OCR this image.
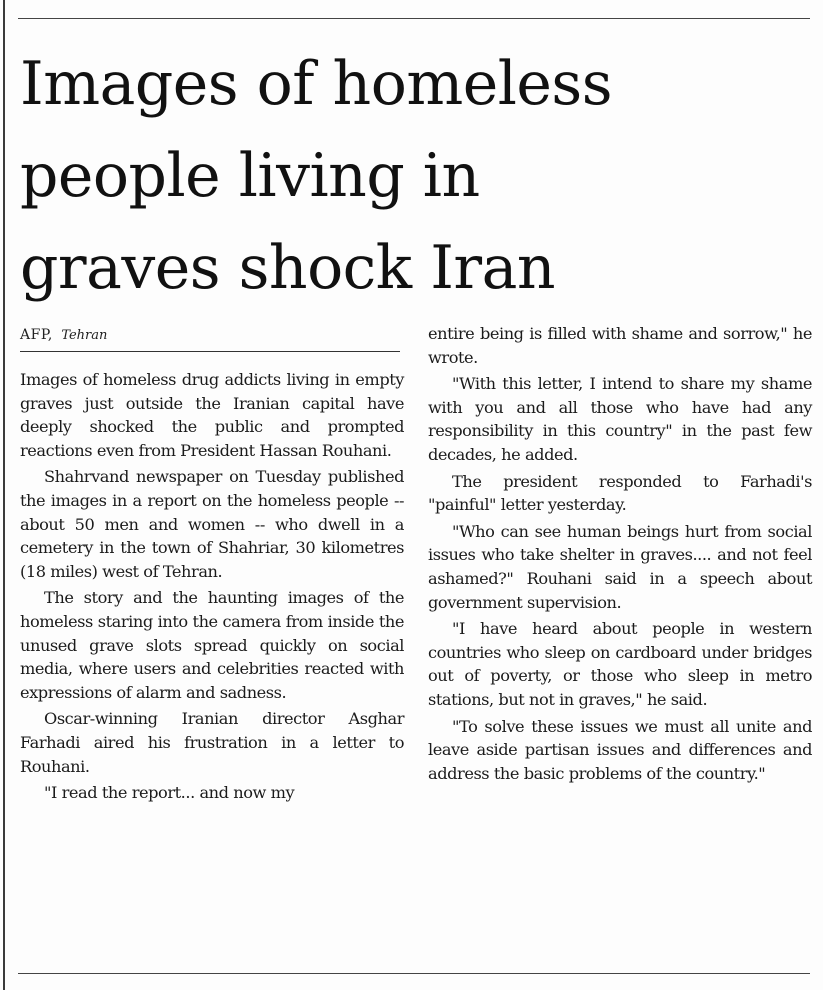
Images of homeless
people living in
graves shock Iran
AFP, Tehran

Images of homeless drug addicts living in empty graves just outside the Iranian capital have deeply shocked the public and prompted reactions even from President Hassan Rouhani.

Shahrvand newspaper on Tuesday published the images in a report on the homeless people -- about 50 men and women -- who dwell in a cemetery in the town of Shahriar, 30 kilometres (18 miles) west of Tehran.

The story and the haunting images of the homeless staring into the camera from inside the unused grave slots spread quickly on social media, where users and celebrities reacted with expressions of alarm and sadness.

Oscar-winning Iranian director Asghar Farhadi aired his frustration in a letter to Rouhani.

"I read the report... and now my

entire being is filled with shame and sorrow," he wrote.

"With this letter, I intend to share my shame with you and all those who have had any responsibility in this country" in the past few decades, he added.

The president responded to Farhadi's "painful" letter yesterday.

"Who can see human beings hurt from social issues who take shelter in graves.... and not feel ashamed?" Rouhani said in a speech about government supervision.

"I have heard about people in western countries who sleep on cardboard under bridges out of poverty, or those who sleep in metro stations, but not in graves," he said.

"To solve these issues we must all unite and leave aside partisan issues and differences and address the basic problems of the country."
